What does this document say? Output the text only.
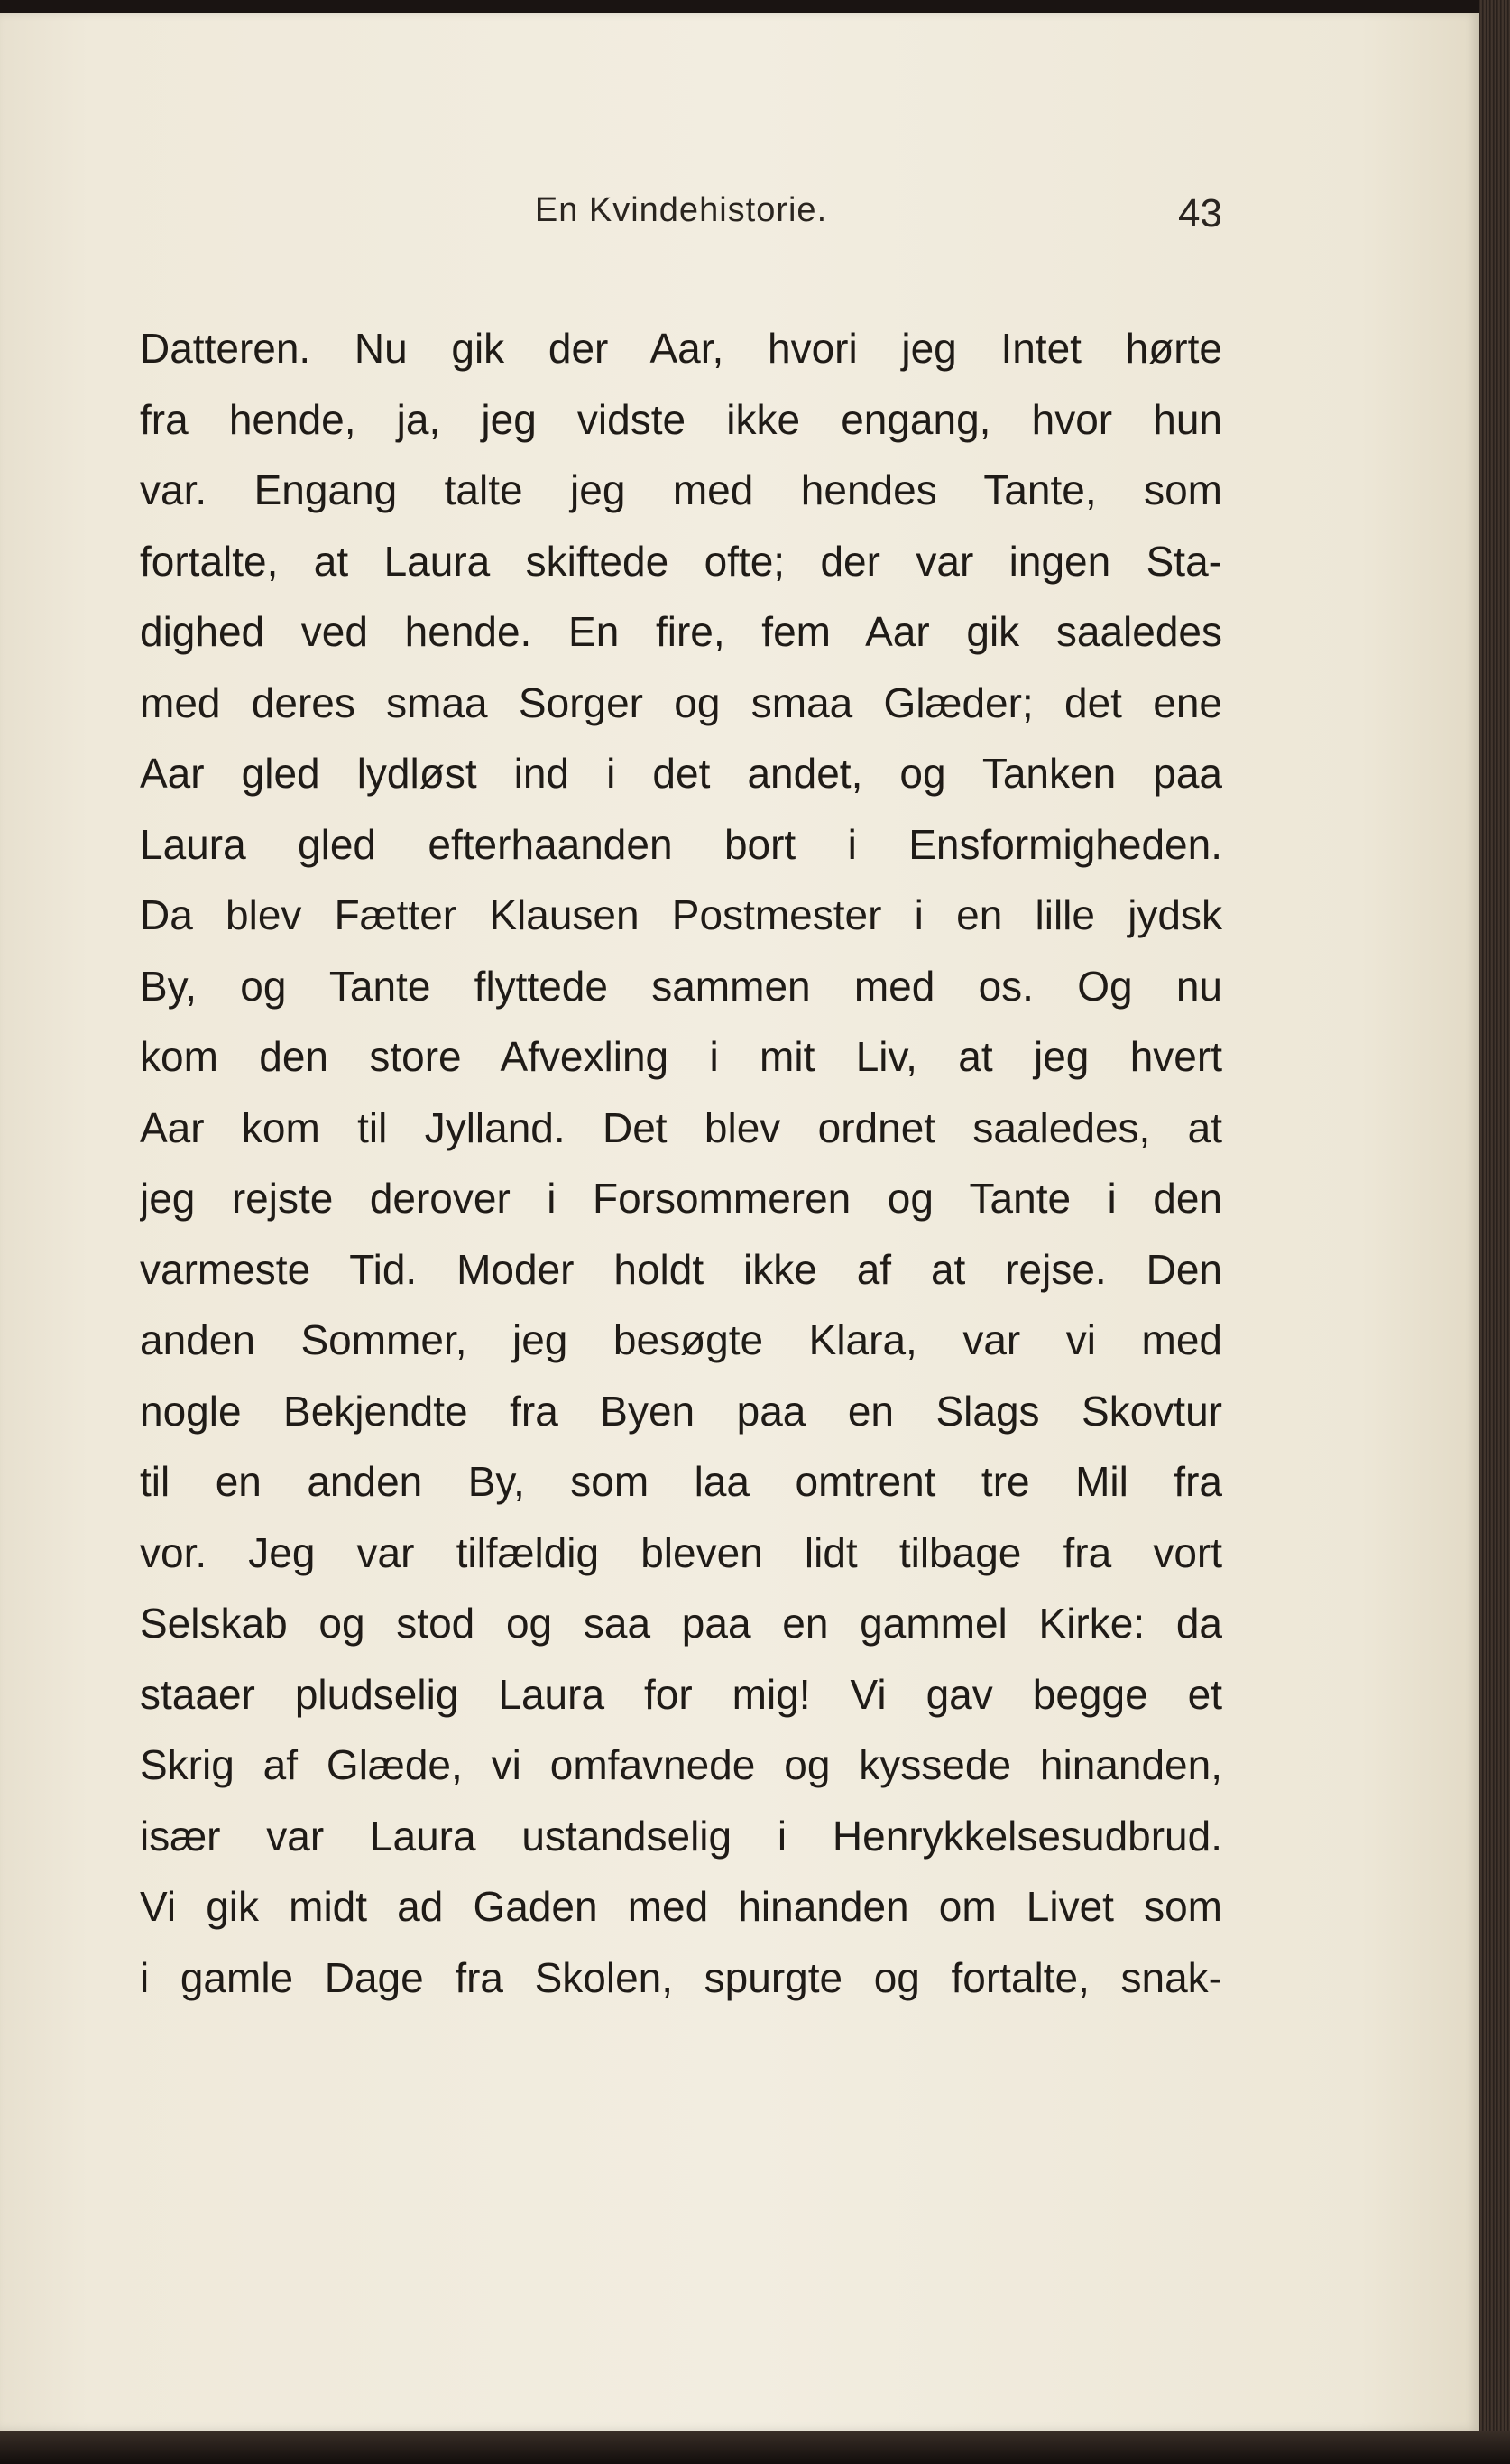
En Kvindehistorie.	43
Datteren. Nu gik der Aar, hvori jeg Intet hørte
fra hende, ja, jeg vidste ikke engang, hvor hun
var. Engang talte jeg med hendes Tante, som
fortalte, at Laura skiftede ofte; der var ingen Sta-
dighed ved hende. En fire, fem Aar gik saaledes
med deres smaa Sorger og smaa Glæder; det ene
Aar gled lydløst ind i det andet, og Tanken paa
Laura gled efterhaanden bort i Ensformigheden.
Da blev Fætter Klausen Postmester i en lille jydsk
By, og Tante flyttede sammen med os. Og nu
kom den store Afvexling i mit Liv, at jeg hvert
Aar kom til Jylland. Det blev ordnet saaledes, at
jeg rejste derover i Forsommeren og Tante i den
varmeste Tid. Moder holdt ikke af at rejse. Den
anden Sommer, jeg besøgte Klara, var vi med
nogle Bekjendte fra Byen paa en Slags Skovtur
til en anden By, som laa omtrent tre Mil fra
vor. Jeg var tilfældig bleven lidt tilbage fra vort
Selskab og stod og saa paa en gammel Kirke: da
staaer pludselig Laura for mig! Vi gav begge et
Skrig af Glæde, vi omfavnede og kyssede hinanden,
især var Laura ustandselig i Henrykkelsesudbrud.
Vi gik midt ad Gaden med hinanden om Livet som
i gamle Dage fra Skolen, spurgte og fortalte, snak-
